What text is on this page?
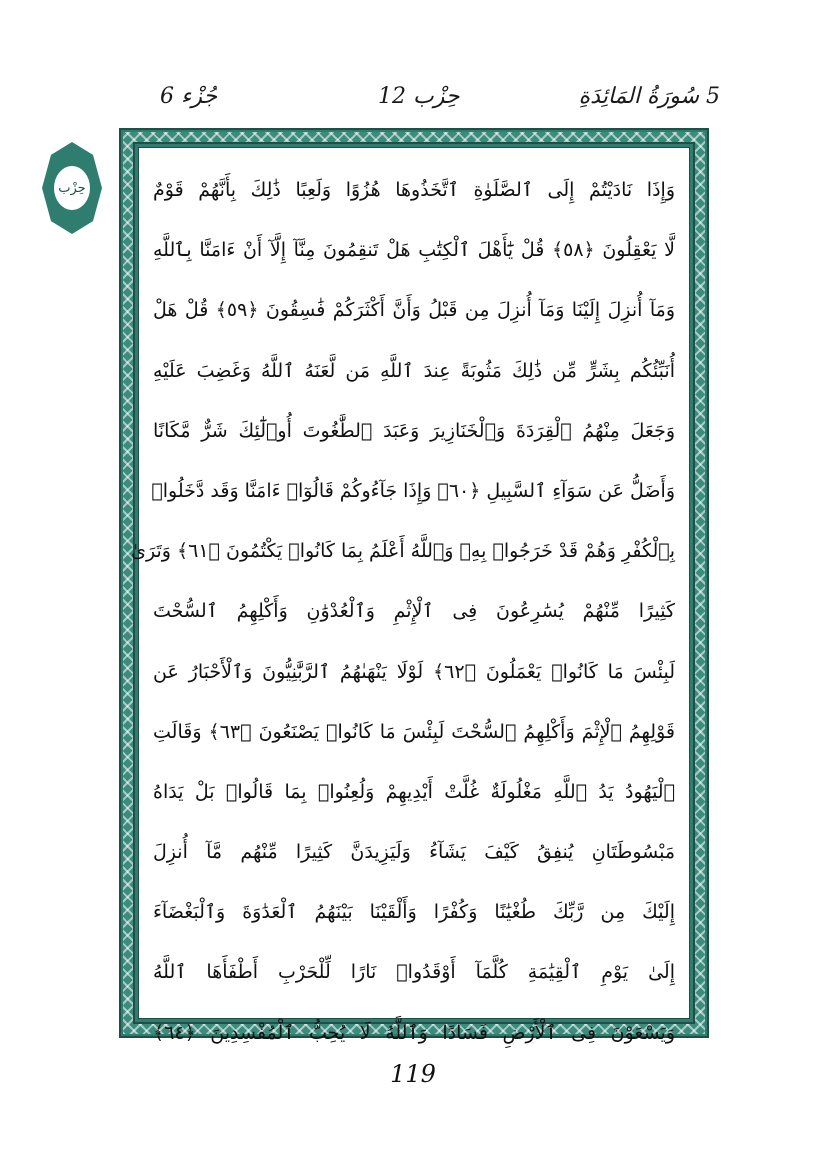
5 سُورَةُ المَائِدَةِ
حِزْب 12
جُزْء 6
حِزْب	وَإِذَا نَادَيْتُمْ إِلَى ٱلصَّلَوٰةِ ٱتَّخَذُوهَا هُزُوًا وَلَعِبًا ذَٰلِكَ بِأَنَّهُمْ قَوْمٌ
لَّا يَعْقِلُونَ ﴿٥٨﴾ قُلْ يَٰٓأَهْلَ ٱلْكِتَٰبِ هَلْ تَنقِمُونَ مِنَّآ إِلَّآ أَنْ ءَامَنَّا بِٱللَّهِ
وَمَآ أُنزِلَ إِلَيْنَا وَمَآ أُنزِلَ مِن قَبْلُ وَأَنَّ أَكْثَرَكُمْ فَٰسِقُونَ ﴿٥٩﴾ قُلْ هَلْ
أُنَبِّئُكُم بِشَرٍّ مِّن ذَٰلِكَ مَثُوبَةً عِندَ ٱللَّهِ مَن لَّعَنَهُ ٱللَّهُ وَغَضِبَ عَلَيْهِ
وَجَعَلَ مِنْهُمُ ٱلْقِرَدَةَ وَٱلْخَنَازِيرَ وَعَبَدَ ٱلطَّٰغُوتَ أُو۟لَٰٓئِكَ شَرٌّ مَّكَانًا
وَأَضَلُّ عَن سَوَآءِ ٱلسَّبِيلِ ﴿٦٠﴾ وَإِذَا جَآءُوكُمْ قَالُوٓا۟ ءَامَنَّا وَقَد دَّخَلُوا۟
بِٱلْكُفْرِ وَهُمْ قَدْ خَرَجُوا۟ بِهِۦ وَٱللَّهُ أَعْلَمُ بِمَا كَانُوا۟ يَكْتُمُونَ ﴿٦١﴾ وَتَرَىٰ
كَثِيرًا مِّنْهُمْ يُسَٰرِعُونَ فِى ٱلْإِثْمِ وَٱلْعُدْوَٰنِ وَأَكْلِهِمُ ٱلسُّحْتَ
لَبِئْسَ مَا كَانُوا۟ يَعْمَلُونَ ﴿٦٢﴾ لَوْلَا يَنْهَىٰهُمُ ٱلرَّبَّٰنِيُّونَ وَٱلْأَحْبَارُ عَن
قَوْلِهِمُ ٱلْإِثْمَ وَأَكْلِهِمُ ٱلسُّحْتَ لَبِئْسَ مَا كَانُوا۟ يَصْنَعُونَ ﴿٦٣﴾ وَقَالَتِ
ٱلْيَهُودُ يَدُ ٱللَّهِ مَغْلُولَةٌ غُلَّتْ أَيْدِيهِمْ وَلُعِنُوا۟ بِمَا قَالُوا۟ بَلْ يَدَاهُ
مَبْسُوطَتَانِ يُنفِقُ كَيْفَ يَشَآءُ وَلَيَزِيدَنَّ كَثِيرًا مِّنْهُم مَّآ أُنزِلَ
إِلَيْكَ مِن رَّبِّكَ طُغْيَٰنًا وَكُفْرًا وَأَلْقَيْنَا بَيْنَهُمُ ٱلْعَدَٰوَةَ وَٱلْبَغْضَآءَ
إِلَىٰ يَوْمِ ٱلْقِيَٰمَةِ كُلَّمَآ أَوْقَدُوا۟ نَارًا لِّلْحَرْبِ أَطْفَأَهَا ٱللَّهُ
وَيَسْعَوْنَ فِى ٱلْأَرْضِ فَسَادًا وَٱللَّهُ لَا يُحِبُّ ٱلْمُفْسِدِينَ ﴿٦٤﴾
119
